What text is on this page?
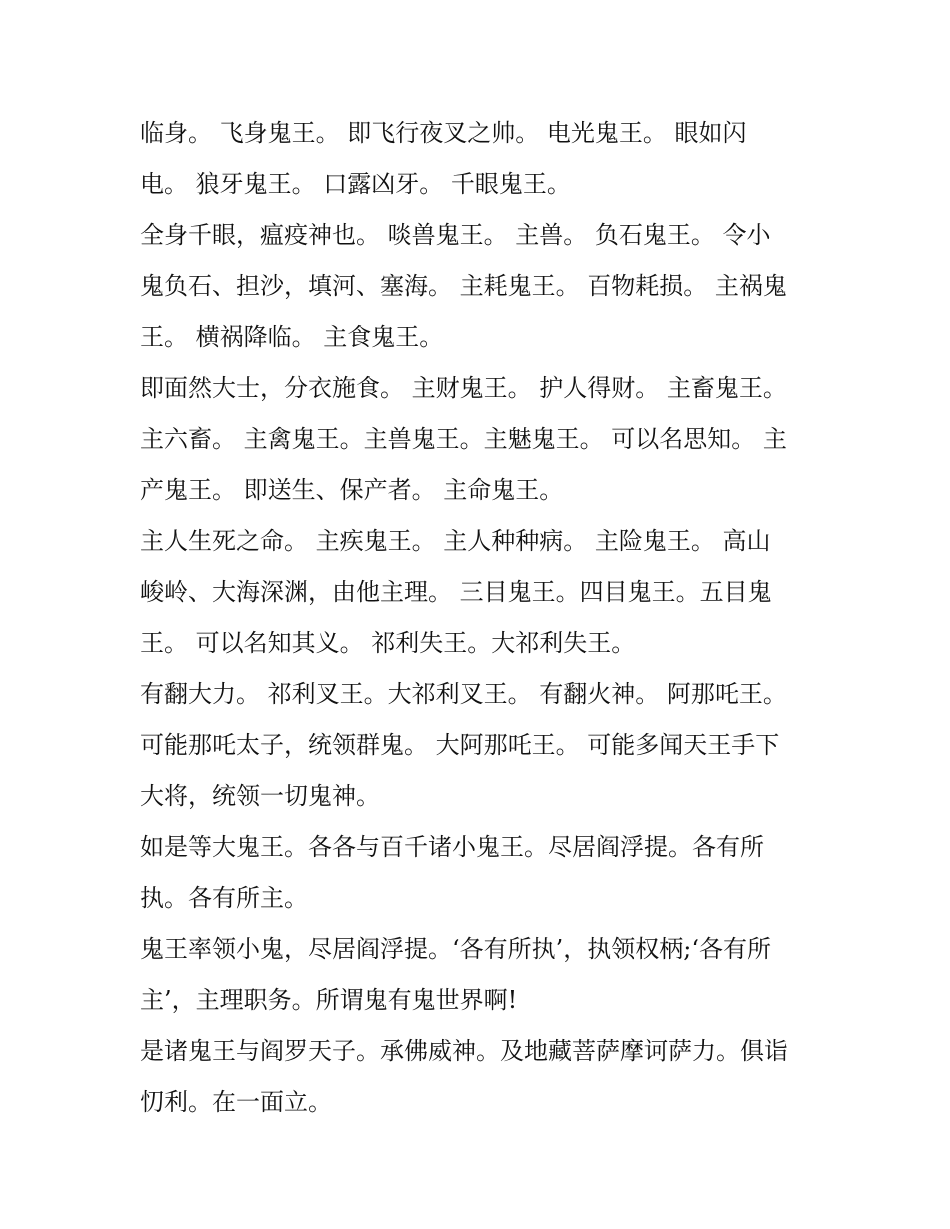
临身。 飞身鬼王。 即飞行夜叉之帅。 电光鬼王。 眼如闪
电。 狼牙鬼王。 口露凶牙。 千眼鬼王。
全身千眼，瘟疫神也。 啖兽鬼王。 主兽。 负石鬼王。 令小
鬼负石、担沙，填河、塞海。 主耗鬼王。 百物耗损。 主祸鬼
王。 横祸降临。 主食鬼王。
即面然大士，分衣施食。 主财鬼王。 护人得财。 主畜鬼王。
主六畜。 主禽鬼王。主兽鬼王。主魅鬼王。 可以名思知。 主
产鬼王。 即送生、保产者。 主命鬼王。
主人生死之命。 主疾鬼王。 主人种种病。 主险鬼王。 高山
峻岭、大海深渊，由他主理。 三目鬼王。四目鬼王。五目鬼
王。 可以名知其义。 祁利失王。大祁利失王。
有翻大力。 祁利叉王。大祁利叉王。 有翻火神。 阿那吒王。
可能那吒太子，统领群鬼。 大阿那吒王。 可能多闻天王手下
大将，统领一切鬼神。
如是等大鬼王。各各与百千诸小鬼王。尽居阎浮提。各有所
执。各有所主。
鬼王率领小鬼，尽居阎浮提。‘各有所执’，执领权柄;‘各有所
主’，主理职务。所谓鬼有鬼世界啊!
是诸鬼王与阎罗天子。承佛威神。及地藏菩萨摩诃萨力。俱诣
忉利。在一面立。
